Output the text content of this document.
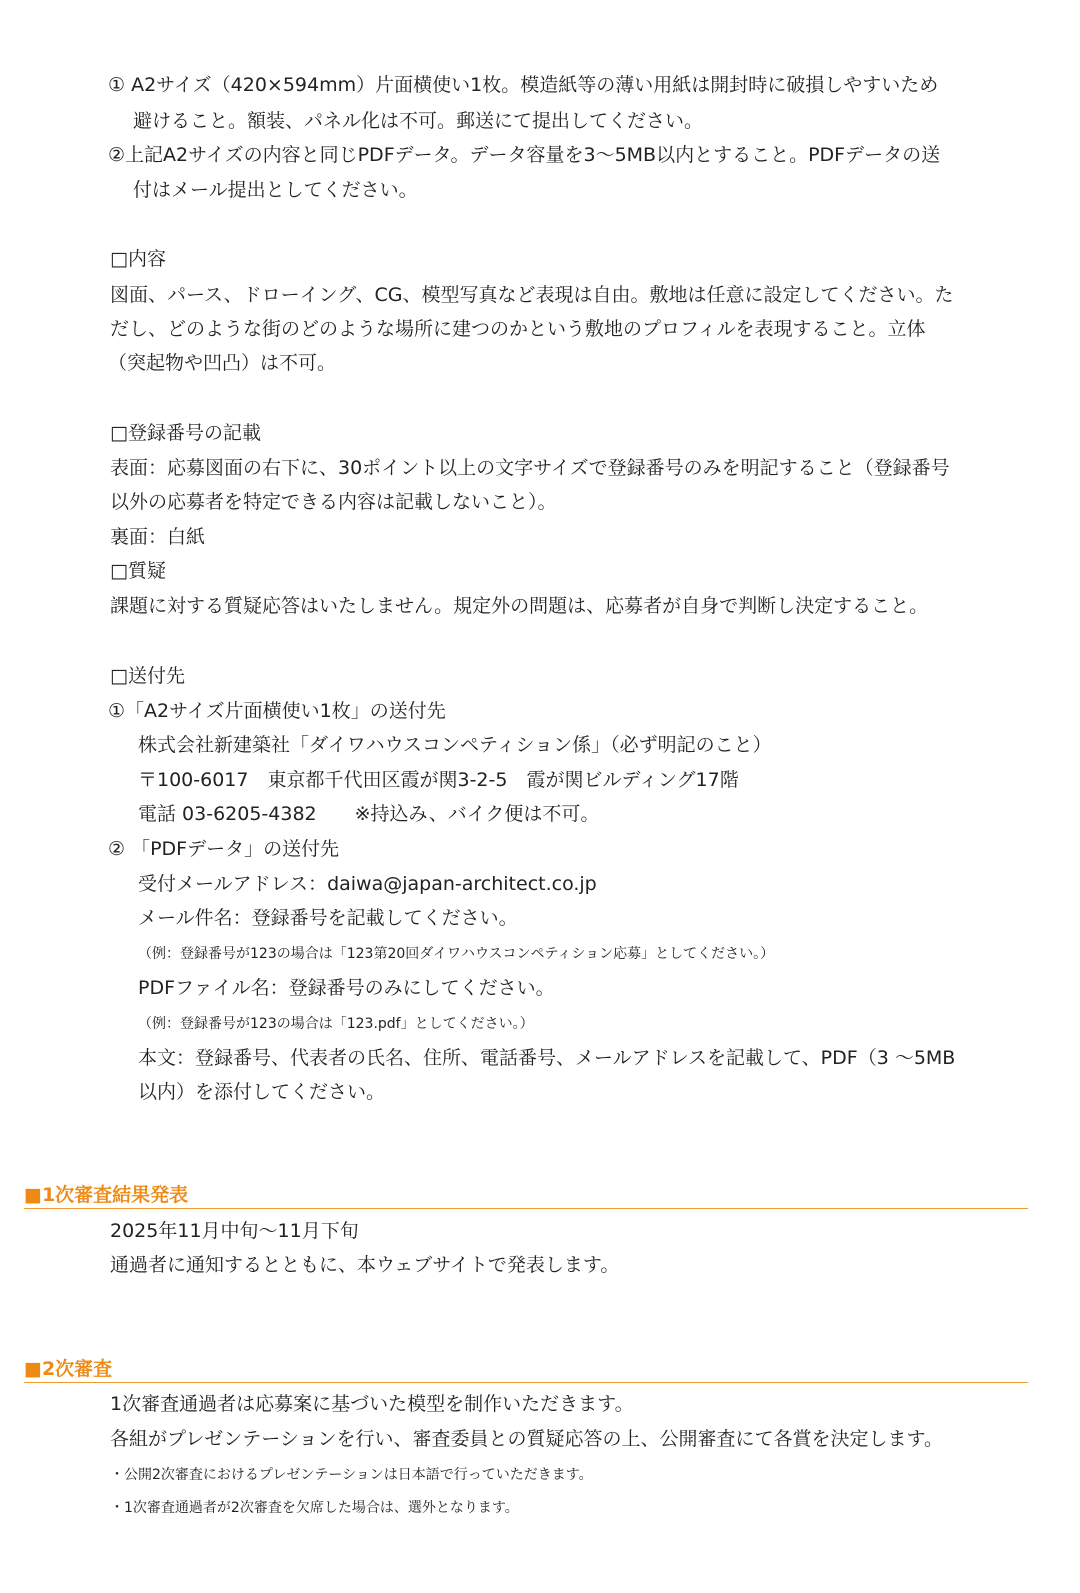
① A2サイズ（420×594mm）片面横使い1枚。模造紙等の薄い用紙は開封時に破損しやすいため

避けること。額装、パネル化は不可。郵送にて提出してください。

②上記A2サイズの内容と同じPDFデータ。データ容量を3〜5MB以内とすること。PDFデータの送

付はメール提出としてください。

□内容

図面、パース、ドローイング、CG、模型写真など表現は自由。敷地は任意に設定してください。た

だし、どのような街のどのような場所に建つのかという敷地のプロフィルを表現すること。立体

（突起物や凹凸）は不可。

□登録番号の記載

表面：応募図面の右下に、30ポイント以上の文字サイズで登録番号のみを明記すること（登録番号

以外の応募者を特定できる内容は記載しないこと）。

裏面：白紙

□質疑

課題に対する質疑応答はいたしません。規定外の問題は、応募者が自身で判断し決定すること。

□送付先

①「A2サイズ片面横使い1枚」の送付先

株式会社新建築社「ダイワハウスコンペティション係」（必ず明記のこと）

〒100-6017　東京都千代田区霞が関3-2-5　霞が関ビルディング17階

電話 03-6205-4382　　※持込み、バイク便は不可。

② 「PDFデータ」の送付先

受付メールアドレス：daiwa@japan-architect.co.jp

メール件名：登録番号を記載してください。

（例：登録番号が123の場合は「123第20回ダイワハウスコンペティション応募」としてください。）

PDFファイル名：登録番号のみにしてください。

（例：登録番号が123の場合は「123.pdf」としてください。）

本文：登録番号、代表者の氏名、住所、電話番号、メールアドレスを記載して、PDF（3 〜5MB

以内）を添付してください。

■1次審査結果発表

2025年11月中旬〜11月下旬

通過者に通知するとともに、本ウェブサイトで発表します。

■2次審査

1次審査通過者は応募案に基づいた模型を制作いただきます。

各組がプレゼンテーションを行い、審査委員との質疑応答の上、公開審査にて各賞を決定します。

・公開2次審査におけるプレゼンテーションは日本語で行っていただきます。

・1次審査通過者が2次審査を欠席した場合は、選外となります。
